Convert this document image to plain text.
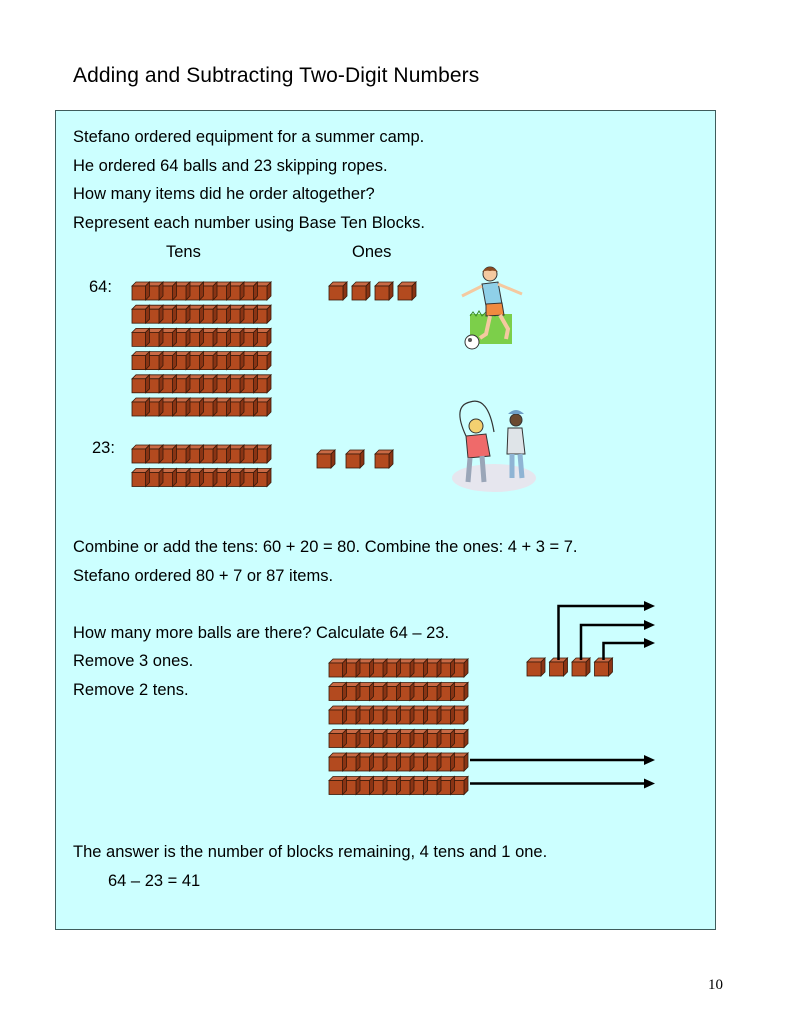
Adding and Subtracting Two-Digit Numbers
Stefano ordered equipment for a summer camp.
He ordered 64 balls and 23 skipping ropes.
How many items did he order altogether?
Represent each number using Base Ten Blocks.
Tens	Ones
64:
23:
Combine or add the tens: 60 + 20 = 80. Combine the ones: 4 + 3 = 7.
Stefano ordered 80 + 7 or 87 items.
How many more balls are there? Calculate 64 – 23.
Remove 3 ones.
Remove 2 tens.
The answer is the number of blocks remaining, 4 tens and 1 one.
64 – 23 = 41
10
